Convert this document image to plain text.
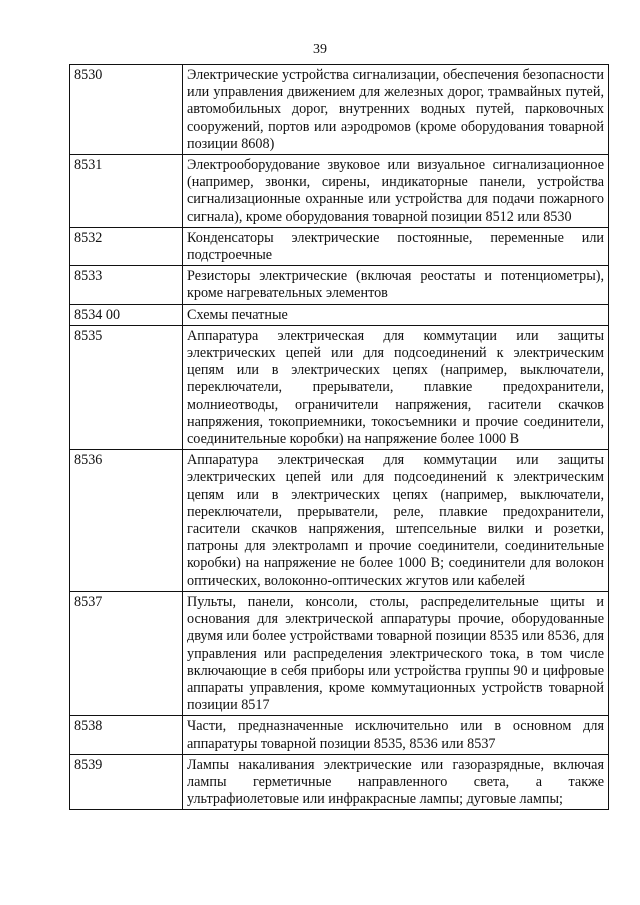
39
8530	Электрические устройства сигнализации, обеспечения безопасности или управления движением для железных дорог, трамвайных путей, автомобильных дорог, внутренних водных путей, парковочных сооружений, портов или аэродромов (кроме оборудования товарной позиции 8608)
8531	Электрооборудование звуковое или визуальное сигнализационное (например, звонки, сирены, индикаторные панели, устройства сигнализационные охранные или устройства для подачи пожарного сигнала), кроме оборудования товарной позиции 8512 или 8530
8532	Конденсаторы электрические постоянные, переменные или подстроечные
8533	Резисторы электрические (включая реостаты и потенциометры), кроме нагревательных элементов
8534 00	Схемы печатные
8535	Аппаратура электрическая для коммутации или защиты электрических цепей или для подсоединений к электрическим цепям или в электрических цепях (например, выключатели, переключатели, прерыватели, плавкие предохранители, молниеотводы, ограничители напряжения, гасители скачков напряжения, токоприемники, токосъемники и прочие соединители, соединительные коробки) на напряжение более 1000 В
8536	Аппаратура электрическая для коммутации или защиты электрических цепей или для подсоединений к электрическим цепям или в электрических цепях (например, выключатели, переключатели, прерыватели, реле, плавкие предохранители, гасители скачков напряжения, штепсельные вилки и розетки, патроны для электроламп и прочие соединители, соединительные коробки) на напряжение не более 1000 В; соединители для волокон оптических, волоконно-оптических жгутов или кабелей
8537	Пульты, панели, консоли, столы, распределительные щиты и основания для электрической аппаратуры прочие, оборудованные двумя или более устройствами товарной позиции 8535 или 8536, для управления или распределения электрического тока, в том числе включающие в себя приборы или устройства группы 90 и цифровые аппараты управления, кроме коммутационных устройств товарной позиции 8517
8538	Части, предназначенные исключительно или в основном для аппаратуры товарной позиции 8535, 8536 или 8537
8539	Лампы накаливания электрические или газоразрядные, включая лампы герметичные направленного света, а также ультрафиолетовые или инфракрасные лампы; дуговые лампы;
